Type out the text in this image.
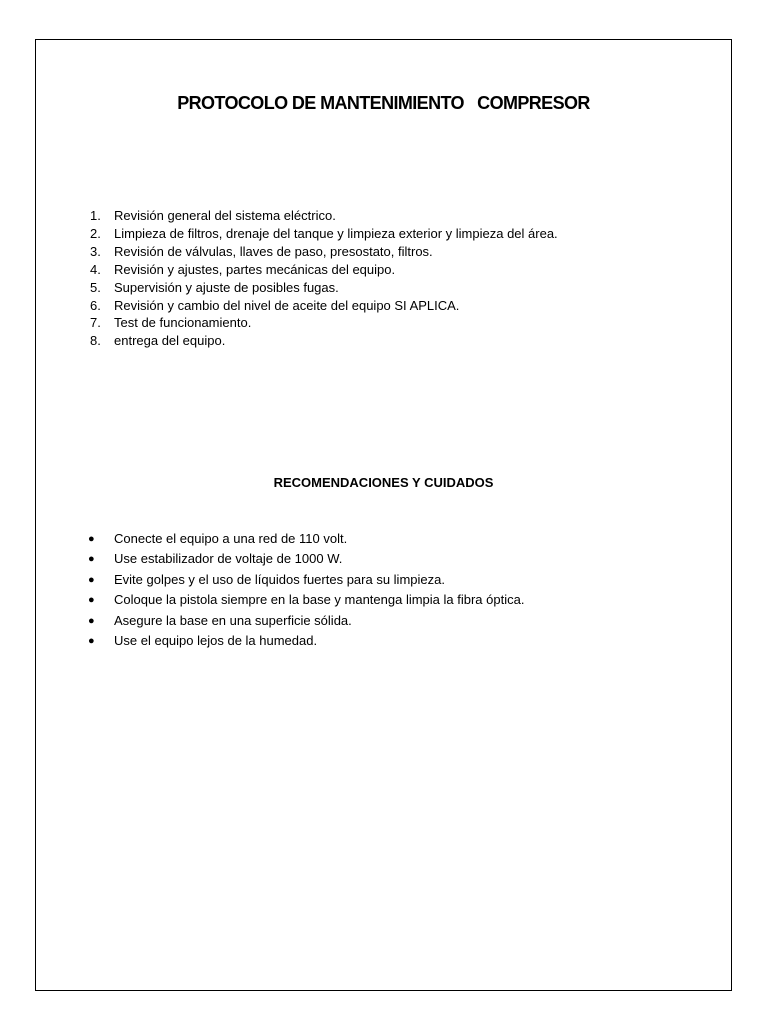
PROTOCOLO DE MANTENIMIENTO   COMPRESOR
1. Revisión general del sistema eléctrico.
2. Limpieza de filtros, drenaje del tanque y limpieza exterior y limpieza del área.
3. Revisión de válvulas, llaves de paso, presostato, filtros.
4. Revisión y ajustes, partes mecánicas del equipo.
5. Supervisión y ajuste de posibles fugas.
6. Revisión y cambio del nivel de aceite del equipo SI APLICA.
7. Test de funcionamiento.
8. entrega del equipo.
RECOMENDACIONES Y CUIDADOS
● Conecte el equipo a una red de 110 volt.
● Use estabilizador de voltaje de 1000 W.
● Evite golpes y el uso de líquidos fuertes para su limpieza.
● Coloque la pistola siempre en la base y mantenga limpia la fibra óptica.
● Asegure la base en una superficie sólida.
● Use el equipo lejos de la humedad.
